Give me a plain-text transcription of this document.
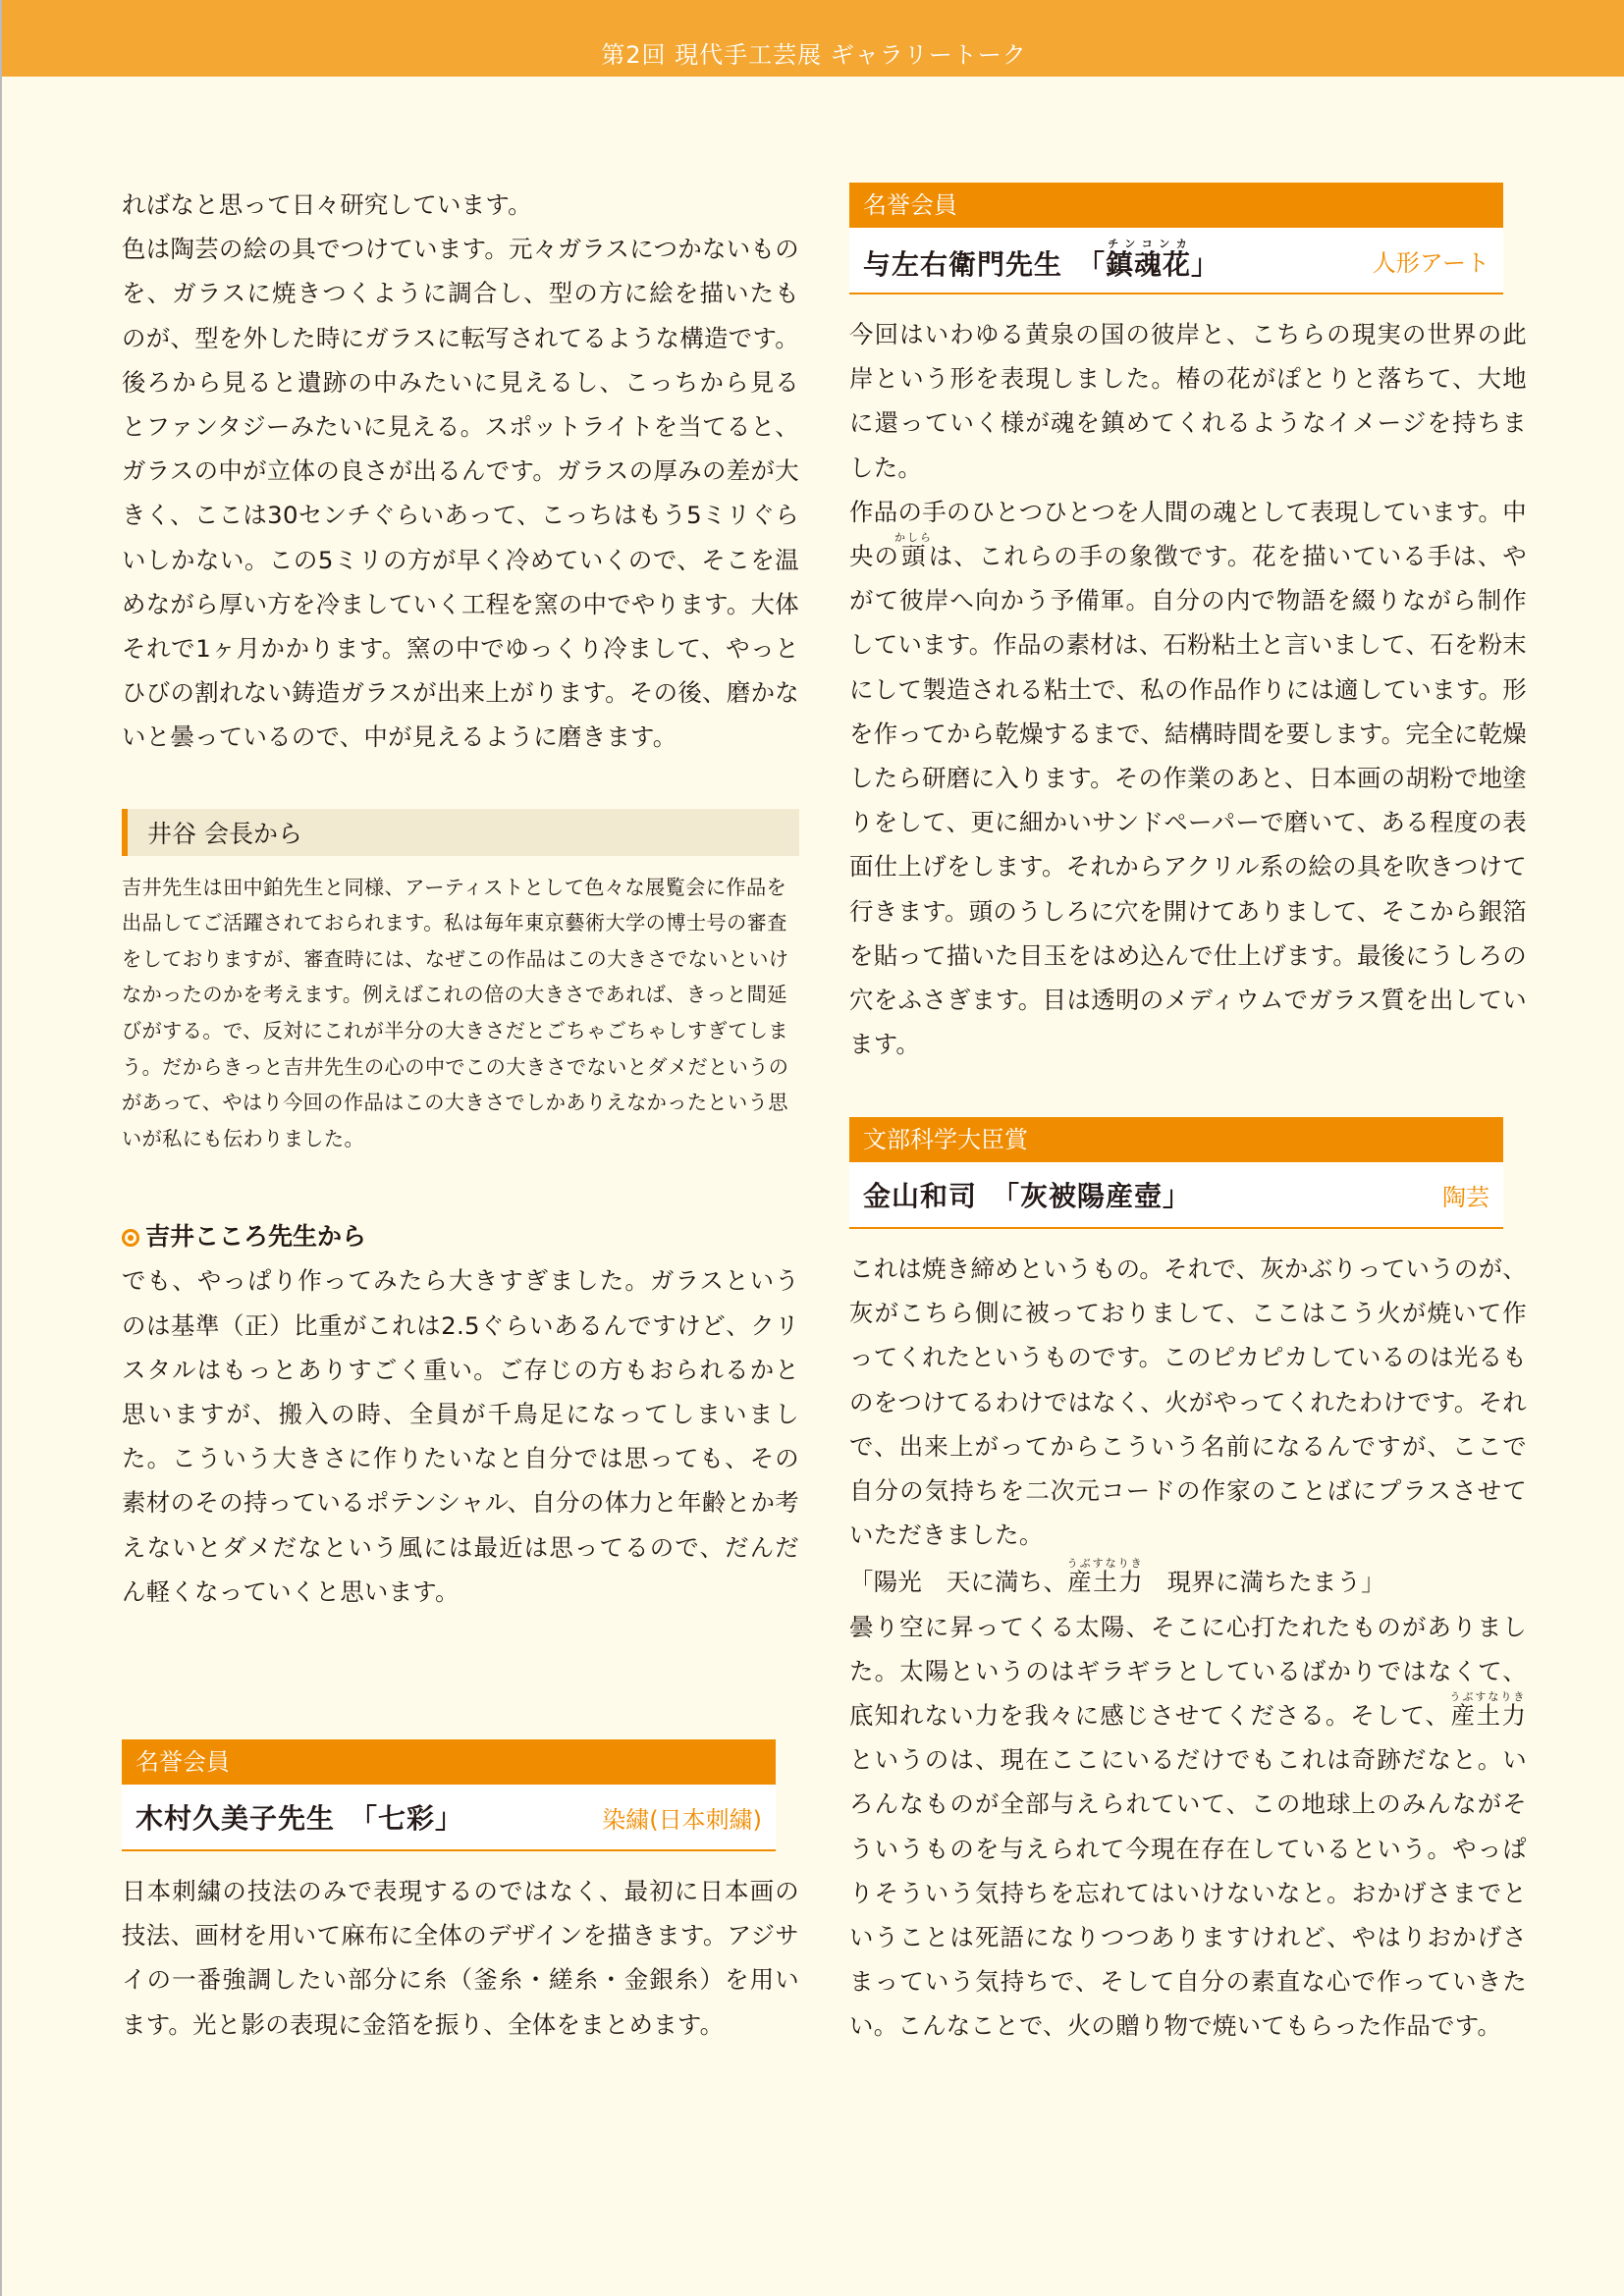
第2回 現代手工芸展 ギャラリートーク

ればなと思って日々研究しています。
色は陶芸の絵の具でつけています。元々ガラスにつかないものを、ガラスに焼きつくように調合し、型の方に絵を描いたものが、型を外した時にガラスに転写されてるような構造です。後ろから見ると遺跡の中みたいに見えるし、こっちから見るとファンタジーみたいに見える。スポットライトを当てると、ガラスの中が立体の良さが出るんです。ガラスの厚みの差が大きく、ここは30センチぐらいあって、こっちはもう5ミリぐらいしかない。この5ミリの方が早く冷めていくので、そこを温めながら厚い方を冷ましていく工程を窯の中でやります。大体それで1ヶ月かかります。窯の中でゆっくり冷まして、やっとひびの割れない鋳造ガラスが出来上がります。その後、磨かないと曇っているので、中が見えるように磨きます。

井谷 会長から

吉井先生は田中鉑先生と同様、アーティストとして色々な展覧会に作品を出品してご活躍されておられます。私は毎年東京藝術大学の博士号の審査をしておりますが、審査時には、なぜこの作品はこの大きさでないといけなかったのかを考えます。例えばこれの倍の大きさであれば、きっと間延びがする。で、反対にこれが半分の大きさだとごちゃごちゃしすぎてしまう。だからきっと吉井先生の心の中でこの大きさでないとダメだというのがあって、やはり今回の作品はこの大きさでしかありえなかったという思いが私にも伝わりました。

吉井こころ先生から

でも、やっぱり作ってみたら大きすぎました。ガラスというのは基準（正）比重がこれは2.5ぐらいあるんですけど、クリスタルはもっとありすごく重い。ご存じの方もおられるかと思いますが、搬入の時、全員が千鳥足になってしまいました。こういう大きさに作りたいなと自分では思っても、その素材のその持っているポテンシャル、自分の体力と年齢とか考えないとダメだなという風には最近は思ってるので、だんだん軽くなっていくと思います。

名誉会員
木村久美子先生　「七彩」	染繍(日本刺繍)

日本刺繍の技法のみで表現するのではなく、最初に日本画の技法、画材を用いて麻布に全体のデザインを描きます。アジサイの一番強調したい部分に糸（釜糸・縒糸・金銀糸）を用います。光と影の表現に金箔を振り、全体をまとめます。

名誉会員
与左右衛門先生　「鎮魂花チンコンカ」	人形アート

今回はいわゆる黄泉の国の彼岸と、こちらの現実の世界の此岸という形を表現しました。椿の花がぽとりと落ちて、大地に還っていく様が魂を鎮めてくれるようなイメージを持ちました。

作品の手のひとつひとつを人間の魂として表現しています。中央の頭かしらは、これらの手の象徴です。花を描いている手は、やがて彼岸へ向かう予備軍。自分の内で物語を綴りながら制作しています。作品の素材は、石粉粘土と言いまして、石を粉末にして製造される粘土で、私の作品作りには適しています。形を作ってから乾燥するまで、結構時間を要します。完全に乾燥したら研磨に入ります。その作業のあと、日本画の胡粉で地塗りをして、更に細かいサンドペーパーで磨いて、ある程度の表面仕上げをします。それからアクリル系の絵の具を吹きつけて行きます。頭のうしろに穴を開けてありまして、そこから銀箔を貼って描いた目玉をはめ込んで仕上げます。最後にうしろの穴をふさぎます。目は透明のメディウムでガラス質を出しています。

文部科学大臣賞
金山和司　「灰被陽産壺」	陶芸

これは焼き締めというもの。それで、灰かぶりっていうのが、灰がこちら側に被っておりまして、ここはこう火が焼いて作ってくれたというものです。このピカピカしているのは光るものをつけてるわけではなく、火がやってくれたわけです。それで、出来上がってからこういう名前になるんですが、ここで自分の気持ちを二次元コードの作家のことばにプラスさせていただきました。

「陽光　天に満ち、産土力うぶすなりき　現界に満ちたまう」

曇り空に昇ってくる太陽、そこに心打たれたものがありました。太陽というのはギラギラとしているばかりではなくて、底知れない力を我々に感じさせてくださる。そして、産土力うぶすなりきというのは、現在ここにいるだけでもこれは奇跡だなと。いろんなものが全部与えられていて、この地球上のみんながそういうものを与えられて今現在存在しているという。やっぱりそういう気持ちを忘れてはいけないなと。おかげさまでということは死語になりつつありますけれど、やはりおかげさまっていう気持ちで、そして自分の素直な心で作っていきたい。こんなことで、火の贈り物で焼いてもらった作品です。
